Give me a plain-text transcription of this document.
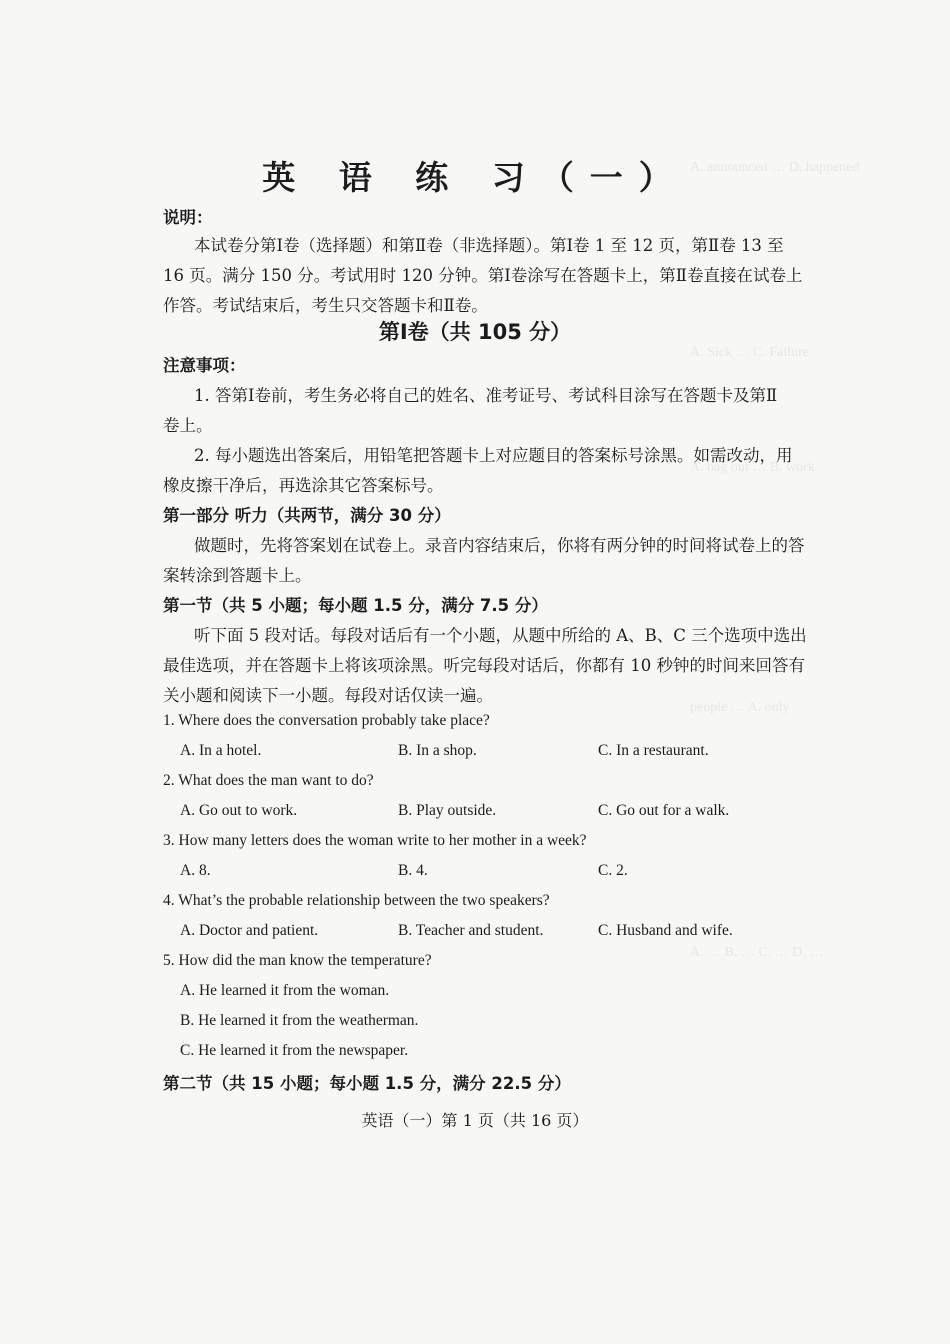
A. announced … D. happened
A. Sick … C. Failure
A. bag out … B. work
people … A. only
A. … B. … C. … D. …
英 语 练 习（一）
说明：
本试卷分第Ⅰ卷（选择题）和第Ⅱ卷（非选择题）。第Ⅰ卷 1 至 12 页，第Ⅱ卷 13 至
16 页。满分 150 分。考试用时 120 分钟。第Ⅰ卷涂写在答题卡上，第Ⅱ卷直接在试卷上
作答。考试结束后，考生只交答题卡和Ⅱ卷。
第Ⅰ卷（共 105 分）
注意事项：
1. 答第Ⅰ卷前，考生务必将自己的姓名、准考证号、考试科目涂写在答题卡及第Ⅱ
卷上。
2. 每小题选出答案后，用铅笔把答题卡上对应题目的答案标号涂黑。如需改动，用
橡皮擦干净后，再选涂其它答案标号。
第一部分 听力（共两节，满分 30 分）
做题时，先将答案划在试卷上。录音内容结束后，你将有两分钟的时间将试卷上的答
案转涂到答题卡上。
第一节（共 5 小题；每小题 1.5 分，满分 7.5 分）
听下面 5 段对话。每段对话后有一个小题，从题中所给的 A、B、C 三个选项中选出
最佳选项，并在答题卡上将该项涂黑。听完每段对话后，你都有 10 秒钟的时间来回答有
关小题和阅读下一小题。每段对话仅读一遍。
1. Where does the conversation probably take place?
A. In a hotel.	B. In a shop.	C. In a restaurant.
2. What does the man want to do?
A. Go out to work.	B. Play outside.	C. Go out for a walk.
3. How many letters does the woman write to her mother in a week?
A. 8.	B. 4.	C. 2.
4. What’s the probable relationship between the two speakers?
A. Doctor and patient.	B. Teacher and student.	C. Husband and wife.
5. How did the man know the temperature?
A. He learned it from the woman.
B. He learned it from the weatherman.
C. He learned it from the newspaper.
第二节（共 15 小题；每小题 1.5 分，满分 22.5 分）
英语（一）第 1 页（共 16 页）
